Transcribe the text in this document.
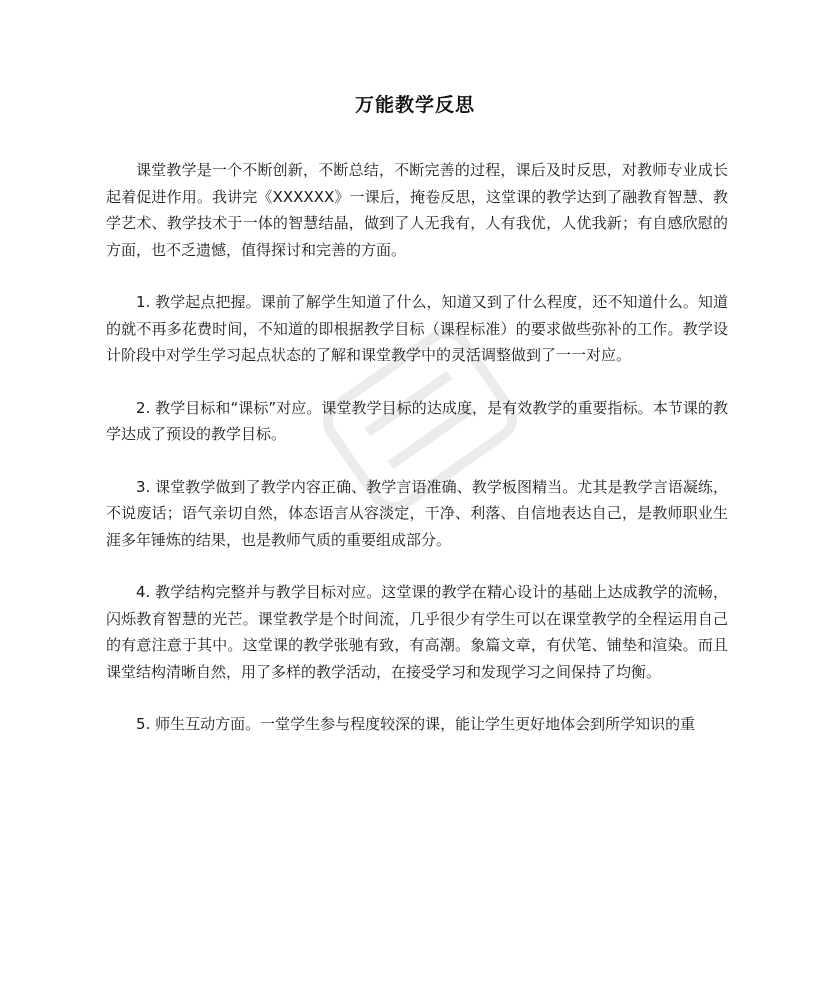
万能教学反思

课堂教学是一个不断创新，不断总结，不断完善的过程，课后及时反思，对教师专业成长起着促进作用。我讲完《XXXXXX》一课后，掩卷反思，这堂课的教学达到了融教育智慧、教学艺术、教学技术于一体的智慧结晶，做到了人无我有，人有我优，人优我新；有自感欣慰的方面，也不乏遗憾，值得探讨和完善的方面。

1. 教学起点把握。课前了解学生知道了什么，知道又到了什么程度，还不知道什么。知道的就不再多花费时间，不知道的即根据教学目标（课程标准）的要求做些弥补的工作。教学设计阶段中对学生学习起点状态的了解和课堂教学中的灵活调整做到了一一对应。

2. 教学目标和“课标”对应。课堂教学目标的达成度，是有效教学的重要指标。本节课的教学达成了预设的教学目标。

3. 课堂教学做到了教学内容正确、教学言语准确、教学板图精当。尤其是教学言语凝练，不说废话；语气亲切自然，体态语言从容淡定，干净、利落、自信地表达自己，是教师职业生涯多年锤炼的结果，也是教师气质的重要组成部分。

4. 教学结构完整并与教学目标对应。这堂课的教学在精心设计的基础上达成教学的流畅，闪烁教育智慧的光芒。课堂教学是个时间流，几乎很少有学生可以在课堂教学的全程运用自己的有意注意于其中。这堂课的教学张驰有致，有高潮。象篇文章，有伏笔、铺垫和渲染。而且课堂结构清晰自然，用了多样的教学活动，在接受学习和发现学习之间保持了均衡。

5. 师生互动方面。一堂学生参与程度较深的课，能让学生更好地体会到所学知识的重
